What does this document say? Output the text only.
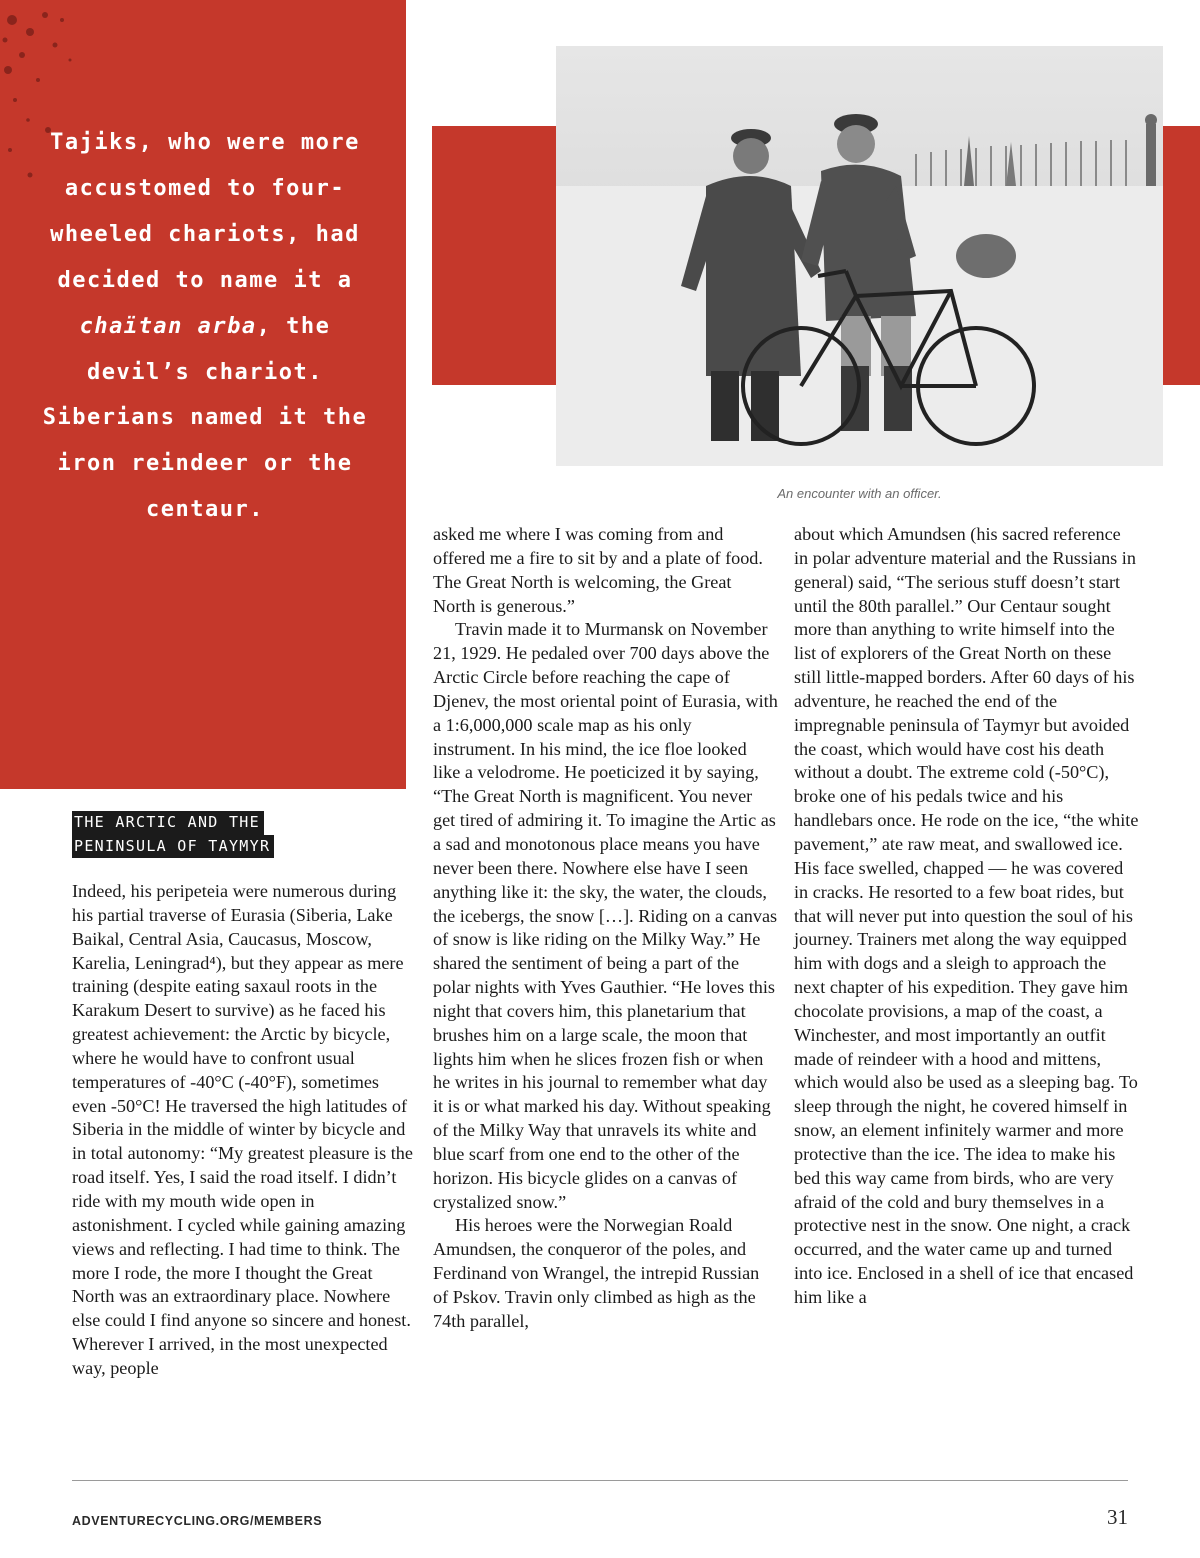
Tajiks, who were more accustomed to four-wheeled chariots, had decided to name it a chaïtan arba, the devil’s chariot. Siberians named it the iron reindeer or the centaur.

An encounter with an officer.
THE ARCTIC AND THE
PENINSULA OF TAYMYR

Indeed, his peripeteia were numerous during his partial traverse of Eurasia (Siberia, Lake Baikal, Central Asia, Caucasus, Moscow, Karelia, Leningrad⁴), but they appear as mere training (despite eating saxaul roots in the Karakum Desert to survive) as he faced his greatest achievement: the Arctic by bicycle, where he would have to confront usual temperatures of -40°C (-40°F), sometimes even -50°C! He traversed the high latitudes of Siberia in the middle of winter by bicycle and in total autonomy: “My greatest pleasure is the road itself. Yes, I said the road itself. I didn’t ride with my mouth wide open in astonishment. I cycled while gaining amazing views and reflecting. I had time to think. The more I rode, the more I thought the Great North was an extraordinary place. Nowhere else could I find anyone so sincere and honest. Wherever I arrived, in the most unexpected way, people

asked me where I was coming from and offered me a fire to sit by and a plate of food. The Great North is welcoming, the Great North is generous.”

Travin made it to Murmansk on November 21, 1929. He pedaled over 700 days above the Arctic Circle before reaching the cape of Djenev, the most oriental point of Eurasia, with a 1:6,000,000 scale map as his only instrument. In his mind, the ice floe looked like a velodrome. He poeticized it by saying, “The Great North is magnificent. You never get tired of admiring it. To imagine the Artic as a sad and monotonous place means you have never been there. Nowhere else have I seen anything like it: the sky, the water, the clouds, the icebergs, the snow […]. Riding on a canvas of snow is like riding on the Milky Way.” He shared the sentiment of being a part of the polar nights with Yves Gauthier. “He loves this night that covers him, this planetarium that brushes him on a large scale, the moon that lights him when he slices frozen fish or when he writes in his journal to remember what day it is or what marked his day. Without speaking of the Milky Way that unravels its white and blue scarf from one end to the other of the horizon. His bicycle glides on a canvas of crystalized snow.”

His heroes were the Norwegian Roald Amundsen, the conqueror of the poles, and Ferdinand von Wrangel, the intrepid Russian of Pskov. Travin only climbed as high as the 74th parallel,

about which Amundsen (his sacred reference in polar adventure material and the Russians in general) said, “The serious stuff doesn’t start until the 80th parallel.” Our Centaur sought more than anything to write himself into the list of explorers of the Great North on these still little-mapped borders. After 60 days of his adventure, he reached the end of the impregnable peninsula of Taymyr but avoided the coast, which would have cost his death without a doubt. The extreme cold (-50°C), broke one of his pedals twice and his handlebars once. He rode on the ice, “the white pavement,” ate raw meat, and swallowed ice. His face swelled, chapped — he was covered in cracks. He resorted to a few boat rides, but that will never put into question the soul of his journey. Trainers met along the way equipped him with dogs and a sleigh to approach the next chapter of his expedition. They gave him chocolate provisions, a map of the coast, a Winchester, and most importantly an outfit made of reindeer with a hood and mittens, which would also be used as a sleeping bag. To sleep through the night, he covered himself in snow, an element infinitely warmer and more protective than the ice. The idea to make his bed this way came from birds, who are very afraid of the cold and bury themselves in a protective nest in the snow. One night, a crack occurred, and the water came up and turned into ice. Enclosed in a shell of ice that encased him like a

ADVENTURECYCLING.ORG/MEMBERS	31
